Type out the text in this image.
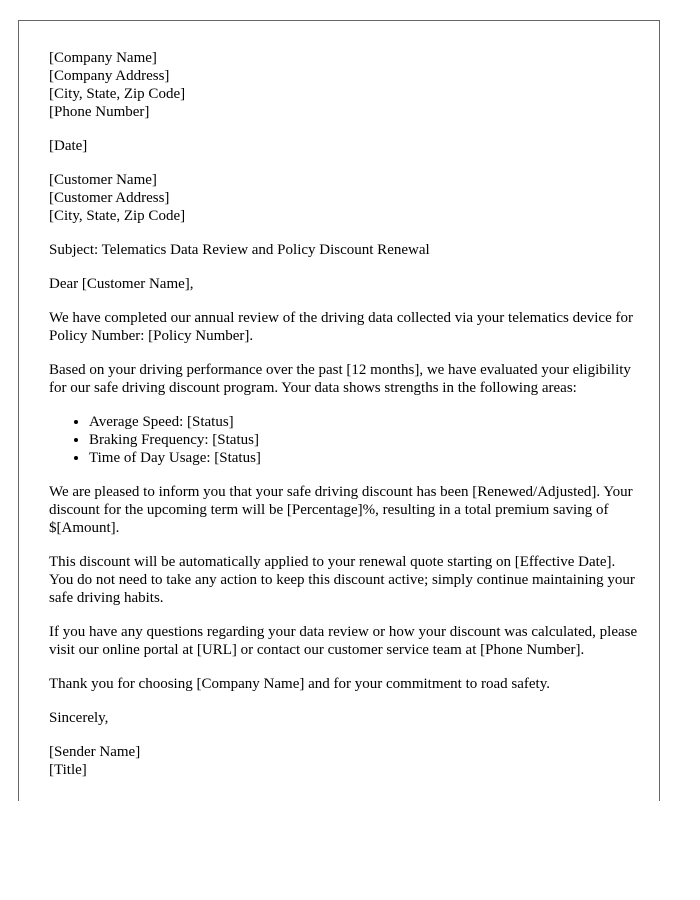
[Company Name]
[Company Address]
[City, State, Zip Code]
[Phone Number]

[Date]

[Customer Name]
[Customer Address]
[City, State, Zip Code]

Subject: Telematics Data Review and Policy Discount Renewal

Dear [Customer Name],

We have completed our annual review of the driving data collected via your telematics device for Policy Number: [Policy Number].

Based on your driving performance over the past [12 months], we have evaluated your eligibility for our safe driving discount program. Your data shows strengths in the following areas:

• Average Speed: [Status]
• Braking Frequency: [Status]
• Time of Day Usage: [Status]

We are pleased to inform you that your safe driving discount has been [Renewed/Adjusted]. Your discount for the upcoming term will be [Percentage]%, resulting in a total premium saving of $[Amount].

This discount will be automatically applied to your renewal quote starting on [Effective Date]. You do not need to take any action to keep this discount active; simply continue maintaining your safe driving habits.

If you have any questions regarding your data review or how your discount was calculated, please visit our online portal at [URL] or contact our customer service team at [Phone Number].

Thank you for choosing [Company Name] and for your commitment to road safety.

Sincerely,

[Sender Name]
[Title]
